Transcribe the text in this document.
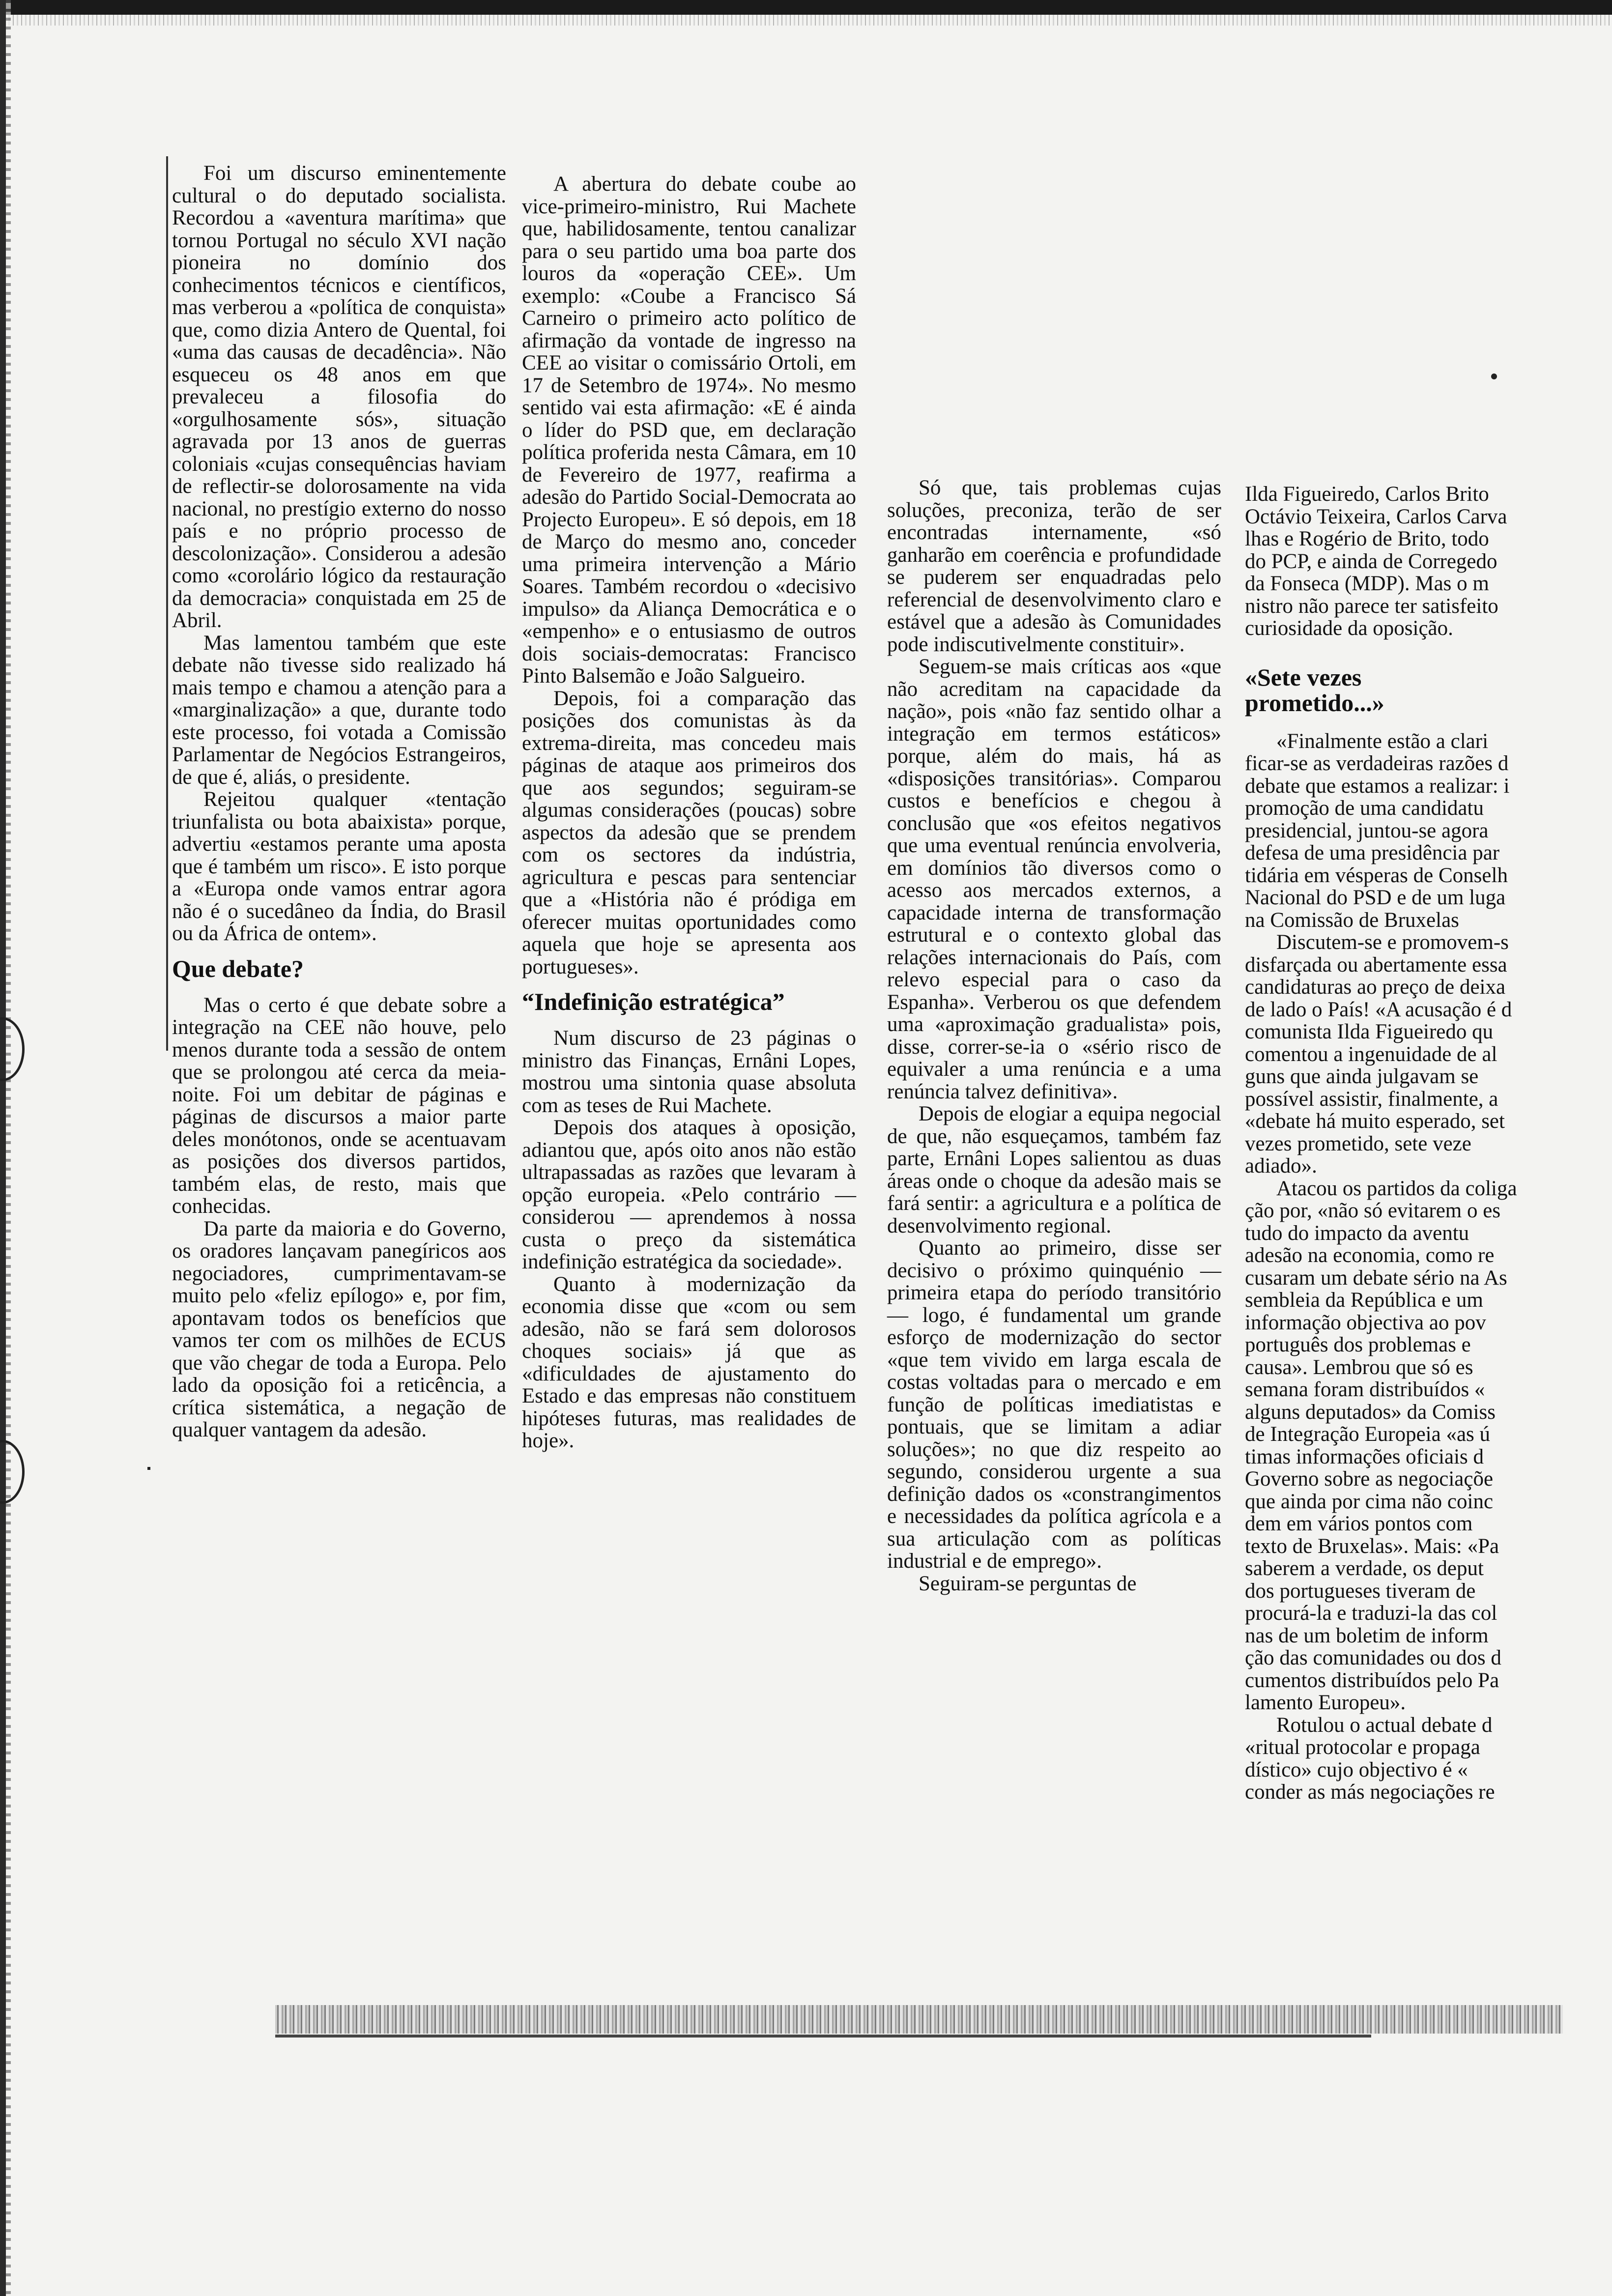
Foi um discurso eminentemente cultural o do deputado socialista. Recordou a «aventura marítima» que tornou Portugal no século XVI nação pioneira no domínio dos conhecimentos técnicos e científicos, mas verberou a «política de conquista» que, como dizia Antero de Quental, foi «uma das causas de decadência». Não esqueceu os 48 anos em que prevaleceu a filosofia do «orgulhosamente sós», situação agravada por 13 anos de guerras coloniais «cujas consequências haviam de reflectir-se dolorosamente na vida nacional, no prestígio externo do nosso país e no próprio processo de descolonização». Considerou a adesão como «corolário lógico da restauração da democracia» conquistada em 25 de Abril.

Mas lamentou também que este debate não tivesse sido realizado há mais tempo e chamou a atenção para a «marginalização» a que, durante todo este processo, foi votada a Comissão Parlamentar de Negócios Estrangeiros, de que é, aliás, o presidente.

Rejeitou qualquer «tentação triunfalista ou bota abaixista» porque, advertiu «estamos perante uma aposta que é também um risco». E isto porque a «Europa onde vamos entrar agora não é o sucedâneo da Índia, do Brasil ou da África de ontem».

Que debate?

Mas o certo é que debate sobre a integração na CEE não houve, pelo menos durante toda a sessão de ontem que se prolongou até cerca da meia-noite. Foi um debitar de páginas e páginas de discursos a maior parte deles monótonos, onde se acentuavam as posições dos diversos partidos, também elas, de resto, mais que conhecidas.

Da parte da maioria e do Governo, os oradores lançavam panegíricos aos negociadores, cumprimentavam-se muito pelo «feliz epílogo» e, por fim, apontavam todos os benefícios que vamos ter com os milhões de ECUS que vão chegar de toda a Europa. Pelo lado da oposição foi a reticência, a crítica sistemática, a negação de qualquer vantagem da adesão.

A abertura do debate coube ao vice-primeiro-ministro, Rui Machete que, habilidosamente, tentou canalizar para o seu partido uma boa parte dos louros da «operação CEE». Um exemplo: «Coube a Francisco Sá Carneiro o primeiro acto político de afirmação da vontade de ingresso na CEE ao visitar o comissário Ortoli, em 17 de Setembro de 1974». No mesmo sentido vai esta afirmação: «E é ainda o líder do PSD que, em declaração política proferida nesta Câmara, em 10 de Fevereiro de 1977, reafirma a adesão do Partido Social-Democrata ao Projecto Europeu». E só depois, em 18 de Março do mesmo ano, conceder uma primeira intervenção a Mário Soares. Também recordou o «decisivo impulso» da Aliança Democrática e o «empenho» e o entusiasmo de outros dois sociais-democratas: Francisco Pinto Balsemão e João Salgueiro.

Depois, foi a comparação das posições dos comunistas às da extrema-direita, mas concedeu mais páginas de ataque aos primeiros dos que aos segundos; seguiram-se algumas considerações (poucas) sobre aspectos da adesão que se prendem com os sectores da indústria, agricultura e pescas para sentenciar que a «História não é pródiga em oferecer muitas oportunidades como aquela que hoje se apresenta aos portugueses».

“Indefinição estratégica”

Num discurso de 23 páginas o ministro das Finanças, Ernâni Lopes, mostrou uma sintonia quase absoluta com as teses de Rui Machete.

Depois dos ataques à oposição, adiantou que, após oito anos não estão ultrapassadas as razões que levaram à opção europeia. «Pelo contrário — considerou — aprendemos à nossa custa o preço da sistemática indefinição estratégica da sociedade».

Quanto à modernização da economia disse que «com ou sem adesão, não se fará sem dolorosos choques sociais» já que as «dificuldades de ajustamento do Estado e das empresas não constituem hipóteses futuras, mas realidades de hoje».

Só que, tais problemas cujas soluções, preconiza, terão de ser encontradas internamente, «só ganharão em coerência e profundidade se puderem ser enquadradas pelo referencial de desenvolvimento claro e estável que a adesão às Comunidades pode indiscutivelmente constituir».

Seguem-se mais críticas aos «que não acreditam na capacidade da nação», pois «não faz sentido olhar a integração em termos estáticos» porque, além do mais, há as «disposições transitórias». Comparou custos e benefícios e chegou à conclusão que «os efeitos negativos que uma eventual renúncia envolveria, em domínios tão diversos como o acesso aos mercados externos, a capacidade interna de transformação estrutural e o contexto global das relações internacionais do País, com relevo especial para o caso da Espanha». Verberou os que defendem uma «aproximação gradualista» pois, disse, correr-se-ia o «sério risco de equivaler a uma renúncia e a uma renúncia talvez definitiva».

Depois de elogiar a equipa negocial de que, não esqueçamos, também faz parte, Ernâni Lopes salientou as duas áreas onde o choque da adesão mais se fará sentir: a agricultura e a política de desenvolvimento regional.

Quanto ao primeiro, disse ser decisivo o próximo quinquénio — primeira etapa do período transitório — logo, é fundamental um grande esforço de modernização do sector «que tem vivido em larga escala de costas voltadas para o mercado e em função de políticas imediatistas e pontuais, que se limitam a adiar soluções»; no que diz respeito ao segundo, considerou urgente a sua definição dados os «constrangimentos e necessidades da política agrícola e a sua articulação com as políticas industrial e de emprego».

Seguiram-se perguntas de

Ilda Figueiredo, Carlos Brito

Octávio Teixeira, Carlos Carva

lhas e Rogério de Brito, todo

do PCP, e ainda de Corregedo

da Fonseca (MDP). Mas o m

nistro não parece ter satisfeito

curiosidade da oposição.

«Sete vezes
prometido...»

«Finalmente estão a clari

ficar-se as verdadeiras razões d

debate que estamos a realizar: i

promoção de uma candidatu

presidencial, juntou-se agora

defesa de uma presidência par

tidária em vésperas de Conselh

Nacional do PSD e de um luga

na Comissão de Bruxelas

Discutem-se e promovem-s

disfarçada ou abertamente essa

candidaturas ao preço de deixa

de lado o País! «A acusação é d

comunista Ilda Figueiredo qu

comentou a ingenuidade de al

guns que ainda julgavam se

possível assistir, finalmente, a

«debate há muito esperado, set

vezes prometido, sete veze

adiado».

Atacou os partidos da coliga

ção por, «não só evitarem o es

tudo do impacto da aventu

adesão na economia, como re

cusaram um debate sério na As

sembleia da República e um

informação objectiva ao pov

português dos problemas e

causa». Lembrou que só es

semana foram distribuídos «

alguns deputados» da Comiss

de Integração Europeia «as ú

timas informações oficiais d

Governo sobre as negociaçõe

que ainda por cima não coinc

dem em vários pontos com

texto de Bruxelas». Mais: «Pa

saberem a verdade, os deput

dos portugueses tiveram de

procurá-la e traduzi-la das col

nas de um boletim de inform

ção das comunidades ou dos d

cumentos distribuídos pelo Pa

lamento Europeu».

Rotulou o actual debate d

«ritual protocolar e propaga

dístico» cujo objectivo é «

conder as más negociações re
